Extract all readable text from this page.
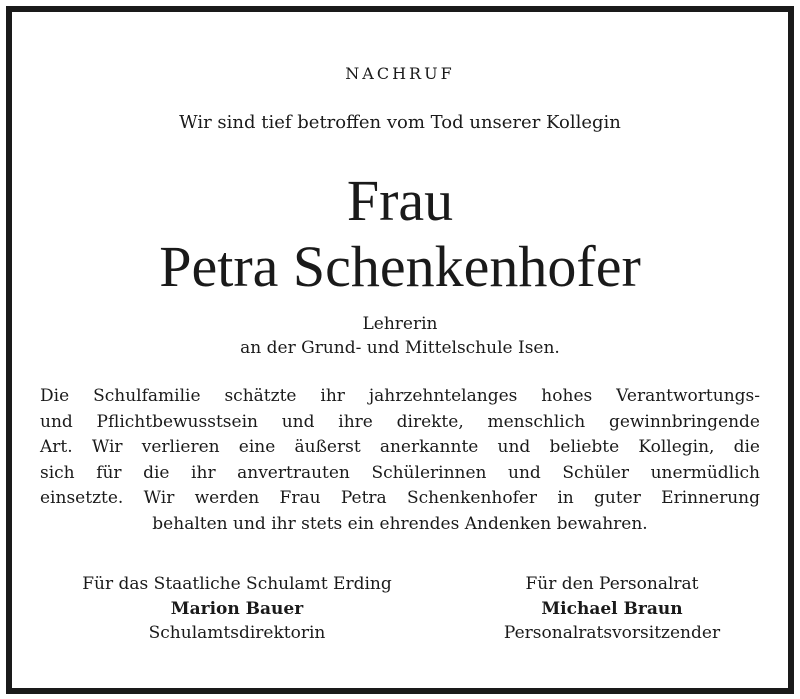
NACHRUF
Wir sind tief betroffen vom Tod unserer Kollegin
Frau
Petra Schenkenhofer
Lehrerin
an der Grund- und Mittelschule Isen.
Die Schulfamilie schätzte ihr jahrzehntelanges hohes Verantwortungs-
und Pflichtbewusstsein und ihre direkte, menschlich gewinnbringende
Art. Wir verlieren eine äußerst anerkannte und beliebte Kollegin, die
sich für die ihr anvertrauten Schülerinnen und Schüler unermüdlich
einsetzte. Wir werden Frau Petra Schenkenhofer in guter Erinnerung
behalten und ihr stets ein ehrendes Andenken bewahren.
Für das Staatliche Schulamt Erding
Marion Bauer
Schulamtsdirektorin
Für den Personalrat
Michael Braun
Personalratsvorsitzender
